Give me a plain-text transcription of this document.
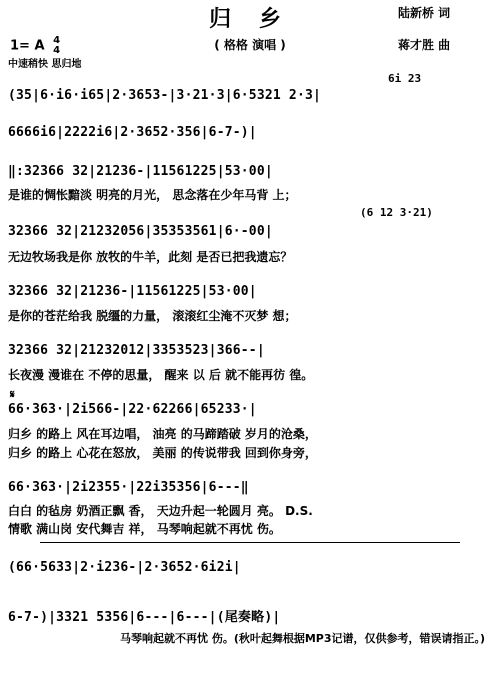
归 乡
( 格格 演唱 )
陆新桥 词
蒋才胜 曲
1= A 4
4
中速稍快 思归地
6i 23
(35|6·i6·i65|2·3653-|3·21·3|6·5321 2·3|
6666i6|2222i6|2·3652·356|6-7-)|
‖:32366 32|21236-|11561225|53·00|
是谁的惆怅黯淡 明亮的月光， 思念落在少年马背 上；
(6 12 3·21)
32366 32|21232056|35353561|6·-00|
无边牧场我是你 放牧的牛羊，此刻 是否已把我遗忘？
32366 32|21236-|11561225|53·00|
是你的苍茫给我 脱缰的力量， 滚滚红尘淹不灭梦 想；
32366 32|21232012|3353523|366--|
长夜漫 漫谁在 不停的思量， 醒来 以 后 就不能再彷 徨。
𝄋
66·363·|2i566-|22·62266|65233·|
归乡 的路上 风在耳边唱， 油亮 的马蹄踏破 岁月的沧桑，
归乡 的路上 心花在怒放， 美丽 的传说带我 回到你身旁，
66·363·|2i2355·|22i35356|6---‖
白白 的毡房 奶酒正飘 香， 天边升起一轮圆月 亮。 D.S.
情歌 满山岗 安代舞吉 祥， 马琴响起就不再忧 伤。
(66·5633|2·i236-|2·3652·6i2i|
6-7-)|3321 5356|6---|6---|(尾奏略)|
马琴响起就不再忧 伤。(秋叶起舞根据MP3记谱，仅供参考，错误请指正。)
